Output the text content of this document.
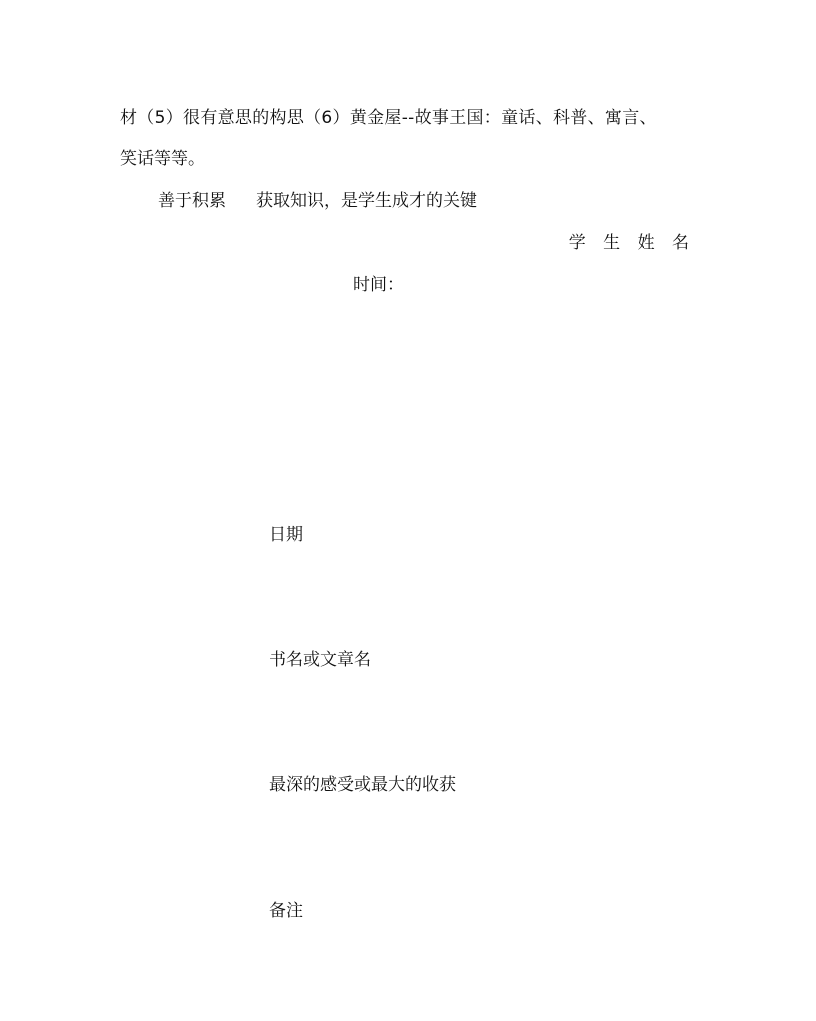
材（5）很有意思的构思（6）黄金屋--故事王国：童话、科普、寓言、
笑话等等。
善于积累 获取知识，是学生成才的关键
学 生 姓 名
时间：
日期
书名或文章名
最深的感受或最大的收获
备注
